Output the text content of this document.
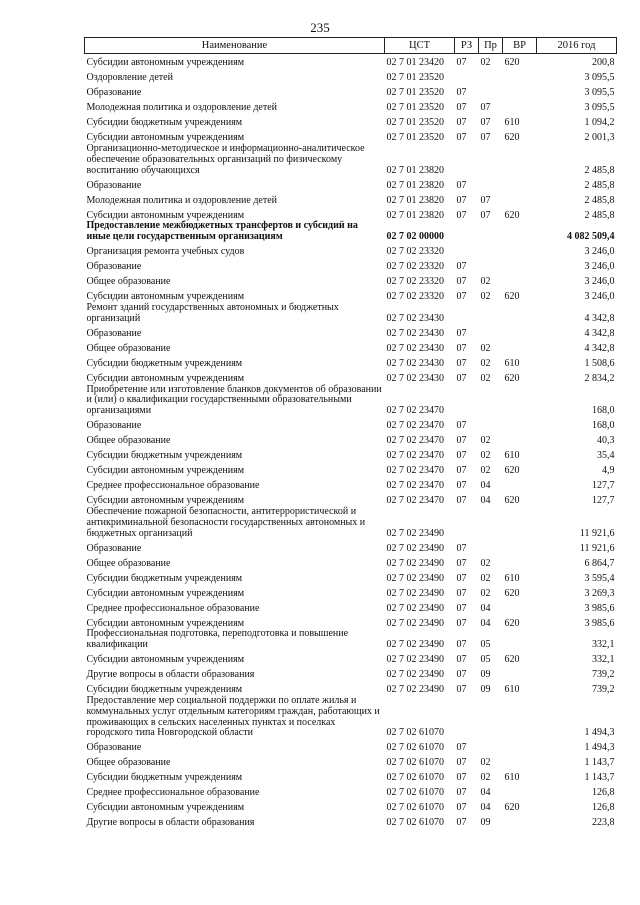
235
Наименование	ЦСТ	РЗ	Пр	ВР	2016 год
Субсидии автономным учреждениям	02 7 01 23420	07	02	620	200,8
Оздоровление детей	02 7 01 23520				3 095,5
Образование	02 7 01 23520	07			3 095,5
Молодежная политика и оздоровление детей	02 7 01 23520	07	07		3 095,5
Субсидии бюджетным учреждениям	02 7 01 23520	07	07	610	1 094,2
Субсидии автономным учреждениям	02 7 01 23520	07	07	620	2 001,3
Организационно-методическое и информационно-аналитическое обеспечение образовательных организаций по физическому воспитанию обучающихся	02 7 01 23820				2 485,8
Образование	02 7 01 23820	07			2 485,8
Молодежная политика и оздоровление детей	02 7 01 23820	07	07		2 485,8
Субсидии автономным учреждениям	02 7 01 23820	07	07	620	2 485,8
Предоставление межбюджетных трансфертов и субсидий на иные цели государственным организациям	02 7 02 00000				4 082 509,4
Организация ремонта учебных судов	02 7 02 23320				3 246,0
Образование	02 7 02 23320	07			3 246,0
Общее образование	02 7 02 23320	07	02		3 246,0
Субсидии автономным учреждениям	02 7 02 23320	07	02	620	3 246,0
Ремонт зданий государственных автономных и бюджетных организаций	02 7 02 23430				4 342,8
Образование	02 7 02 23430	07			4 342,8
Общее образование	02 7 02 23430	07	02		4 342,8
Субсидии бюджетным учреждениям	02 7 02 23430	07	02	610	1 508,6
Субсидии автономным учреждениям	02 7 02 23430	07	02	620	2 834,2
Приобретение или изготовление бланков документов об образовании и (или) о квалификации государственными образовательными организациями	02 7 02 23470				168,0
Образование	02 7 02 23470	07			168,0
Общее образование	02 7 02 23470	07	02		40,3
Субсидии бюджетным учреждениям	02 7 02 23470	07	02	610	35,4
Субсидии автономным учреждениям	02 7 02 23470	07	02	620	4,9
Среднее профессиональное образование	02 7 02 23470	07	04		127,7
Субсидии автономным учреждениям	02 7 02 23470	07	04	620	127,7
Обеспечение пожарной безопасности, антитеррористической и антикриминальной безопасности государственных автономных и бюджетных организаций	02 7 02 23490				11 921,6
Образование	02 7 02 23490	07			11 921,6
Общее образование	02 7 02 23490	07	02		6 864,7
Субсидии бюджетным учреждениям	02 7 02 23490	07	02	610	3 595,4
Субсидии автономным учреждениям	02 7 02 23490	07	02	620	3 269,3
Среднее профессиональное образование	02 7 02 23490	07	04		3 985,6
Субсидии автономным учреждениям	02 7 02 23490	07	04	620	3 985,6
Профессиональная подготовка, переподготовка и повышение квалификации	02 7 02 23490	07	05		332,1
Субсидии автономным учреждениям	02 7 02 23490	07	05	620	332,1
Другие вопросы в области образования	02 7 02 23490	07	09		739,2
Субсидии бюджетным учреждениям	02 7 02 23490	07	09	610	739,2
Предоставление мер социальной поддержки по оплате жилья и коммунальных услуг отдельным категориям граждан, работающих и проживающих в сельских населенных пунктах и поселках городского типа Новгородской области	02 7 02 61070				1 494,3
Образование	02 7 02 61070	07			1 494,3
Общее образование	02 7 02 61070	07	02		1 143,7
Субсидии бюджетным учреждениям	02 7 02 61070	07	02	610	1 143,7
Среднее профессиональное образование	02 7 02 61070	07	04		126,8
Субсидии автономным учреждениям	02 7 02 61070	07	04	620	126,8
Другие вопросы в области образования	02 7 02 61070	07	09		223,8
